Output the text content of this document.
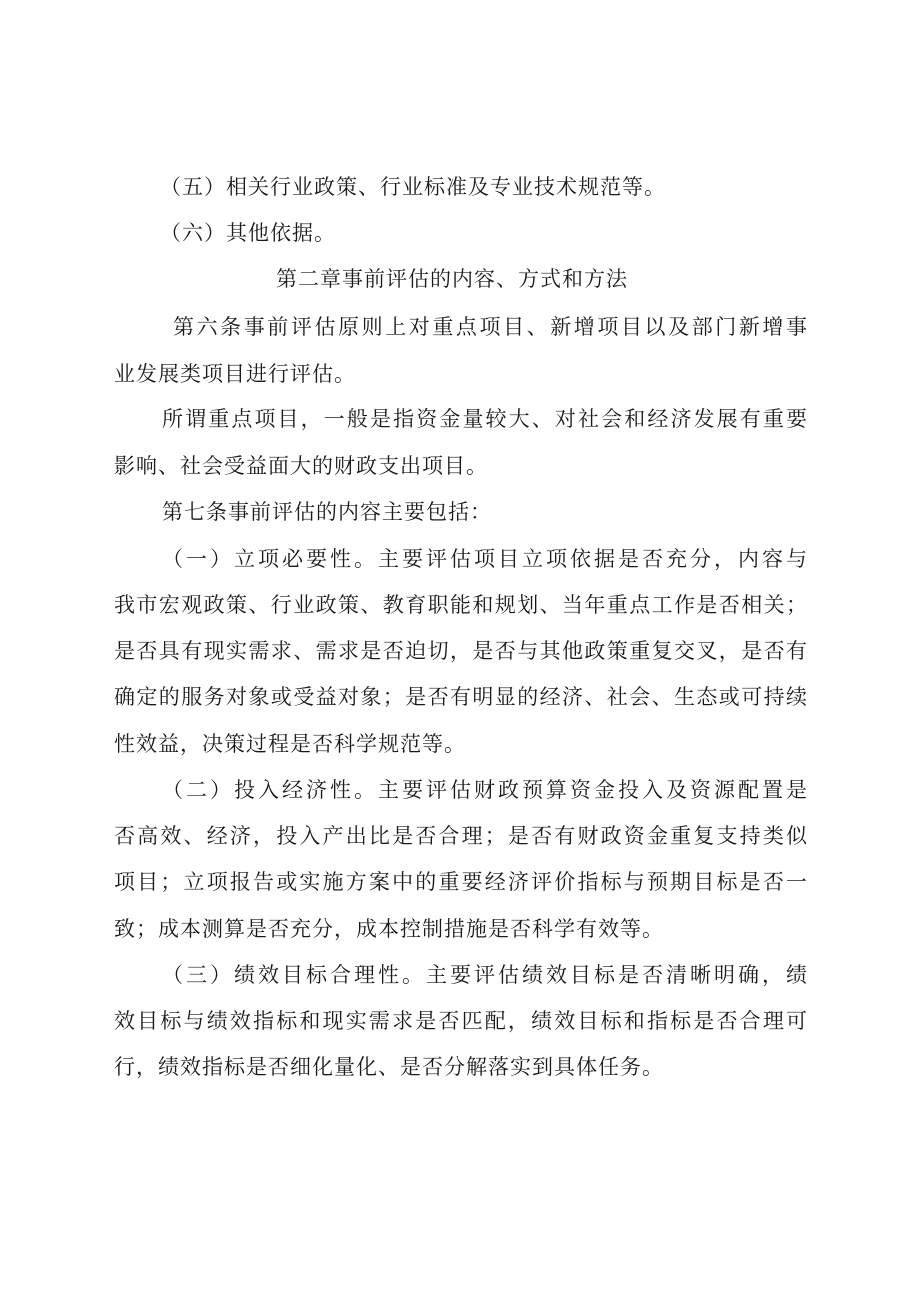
（五）相关行业政策、行业标准及专业技术规范等。
（六）其他依据。
第二章事前评估的内容、方式和方法
第六条事前评估原则上对重点项目、新增项目以及部门新增事
业发展类项目进行评估。
所谓重点项目，一般是指资金量较大、对社会和经济发展有重要
影响、社会受益面大的财政支出项目。
第七条事前评估的内容主要包括：
（一）立项必要性。主要评估项目立项依据是否充分，内容与
我市宏观政策、行业政策、教育职能和规划、当年重点工作是否相关；
是否具有现实需求、需求是否迫切，是否与其他政策重复交叉，是否有
确定的服务对象或受益对象；是否有明显的经济、社会、生态或可持续
性效益，决策过程是否科学规范等。
（二）投入经济性。主要评估财政预算资金投入及资源配置是
否高效、经济，投入产出比是否合理；是否有财政资金重复支持类似
项目；立项报告或实施方案中的重要经济评价指标与预期目标是否一
致；成本测算是否充分，成本控制措施是否科学有效等。
（三）绩效目标合理性。主要评估绩效目标是否清晰明确，绩
效目标与绩效指标和现实需求是否匹配，绩效目标和指标是否合理可
行，绩效指标是否细化量化、是否分解落实到具体任务。
